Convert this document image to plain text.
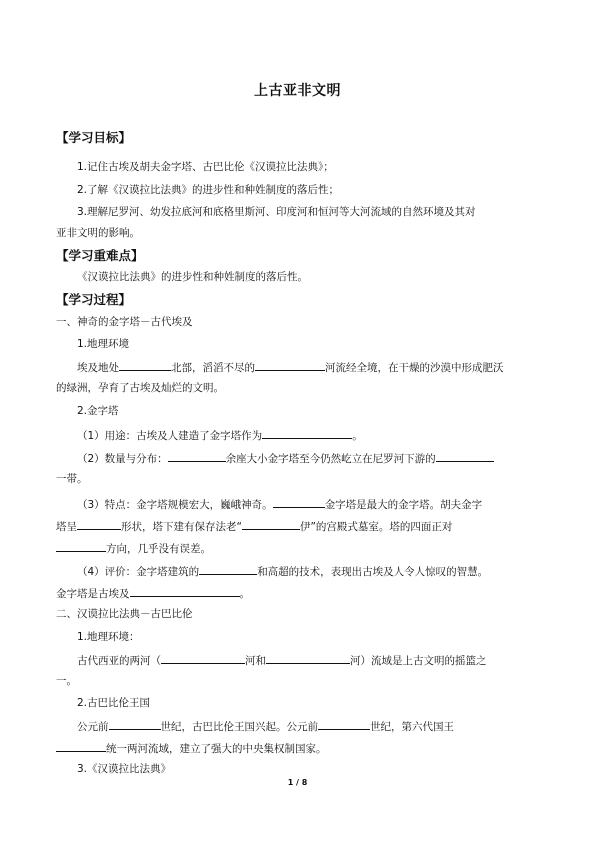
上古亚非文明
【学习目标】
1.记住古埃及胡夫金字塔、古巴比伦《汉谟拉比法典》；
2.了解《汉谟拉比法典》的进步性和种姓制度的落后性；
3.理解尼罗河、幼发拉底河和底格里斯河、印度河和恒河等大河流域的自然环境及其对
亚非文明的影响。
【学习重难点】
《汉谟拉比法典》的进步性和种姓制度的落后性。
【学习过程】
一、神奇的金字塔－古代埃及
1.地理环境
埃及地处	北部，滔滔不尽的	河流经全境，在干燥的沙漠中形成肥沃
的绿洲，孕育了古埃及灿烂的文明。
2.金字塔
（1）用途：古埃及人建造了金字塔作为	。
（2）数量与分布：	余座大小金字塔至今仍然屹立在尼罗河下游的
一带。
（3）特点：金字塔规模宏大，巍峨神奇。	金字塔是最大的金字塔。胡夫金字
塔呈	形状，塔下建有保存法老“	伊”的宫殿式墓室。塔的四面正对
方向，几乎没有误差。
（4）评价：金字塔建筑的	和高超的技术，表现出古埃及人令人惊叹的智慧。
金字塔是古埃及	。
二、汉谟拉比法典－古巴比伦
1.地理环境：
古代西亚的两河（	河和	河）流域是上古文明的摇篮之
一。
2.古巴比伦王国
公元前	世纪，古巴比伦王国兴起。公元前	世纪，第六代国王
统一两河流域，建立了强大的中央集权制国家。
3.《汉谟拉比法典》
1 / 8
